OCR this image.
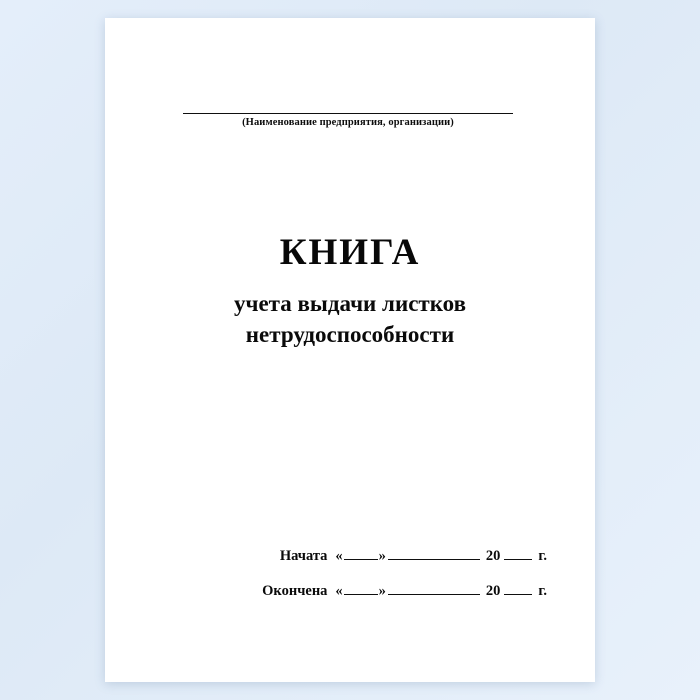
(Наименование предприятия, организации)
КНИГА
учета выдачи листков
нетрудоспособности
Начата « »	20	г.
Окончена « »	20	г.
